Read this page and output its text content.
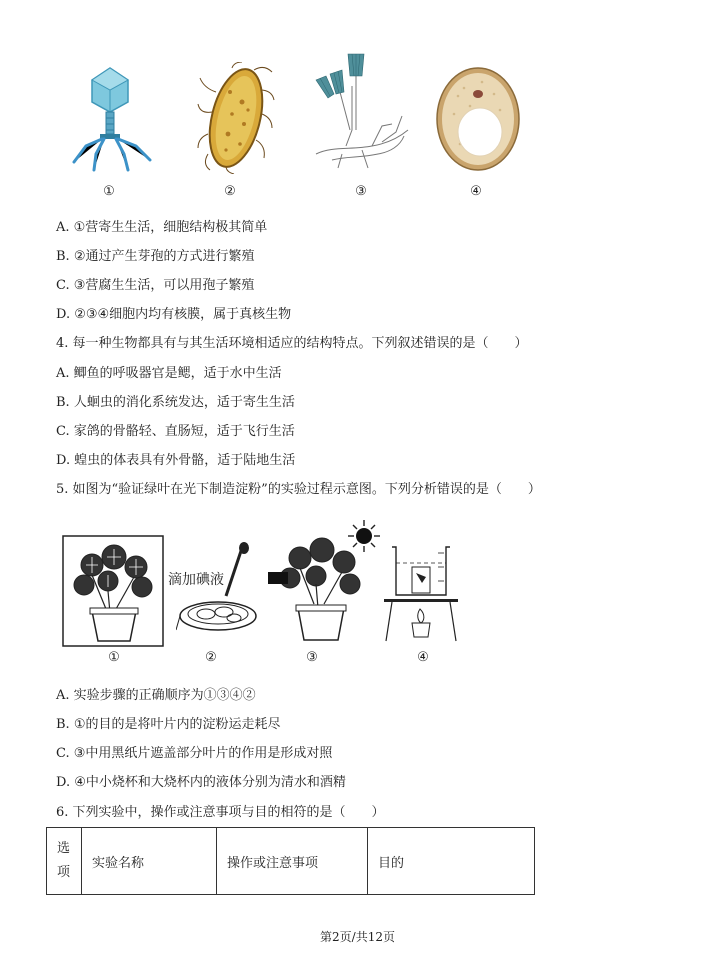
①	②	③	④
A. ①营寄生生活，细胞结构极其简单
B. ②通过产生芽孢的方式进行繁殖
C. ③营腐生生活，可以用孢子繁殖
D. ②③④细胞内均有核膜，属于真核生物
4. 每一种生物都具有与其生活环境相适应的结构特点。下列叙述错误的是（　　）
A. 鲫鱼的呼吸器官是鳃，适于水中生活
B. 人蛔虫的消化系统发达，适于寄生生活
C. 家鸽的骨骼轻、直肠短，适于飞行生活
D. 蝗虫的体表具有外骨骼，适于陆地生活
5. 如图为“验证绿叶在光下制造淀粉”的实验过程示意图。下列分析错误的是（　　）
滴加碘液
①	②	③	④
A. 实验步骤的正确顺序为①③④②
B. ①的目的是将叶片内的淀粉运走耗尽
C. ③中用黑纸片遮盖部分叶片的作用是形成对照
D. ④中小烧杯和大烧杯内的液体分别为清水和酒精
6. 下列实验中，操作或注意事项与目的相符的是（　　）
选项	实验名称	操作或注意事项	目的
第2页/共12页
